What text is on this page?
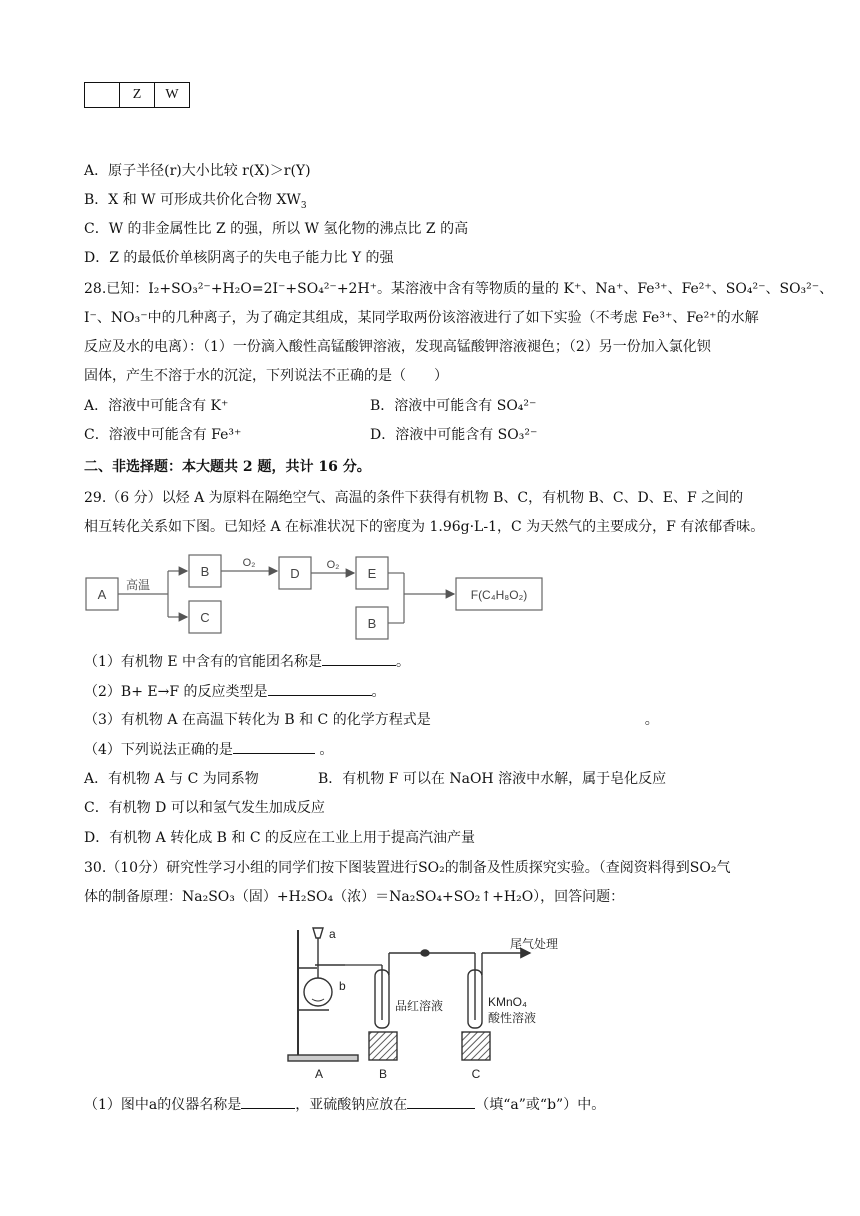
	Z	W
A．原子半径(r)大小比较 r(X)＞r(Y)
B．X 和 W 可形成共价化合物 $XW_3$
C．W 的非金属性比 Z 的强，所以 W 氢化物的沸点比 Z 的高
D．Z 的最低价单核阴离子的失电子能力比 Y 的强
28.已知：I₂+SO₃²⁻+H₂O=2I⁻+SO₄²⁻+2H⁺。某溶液中含有等物质的量的 K⁺、Na⁺、Fe³⁺、Fe²⁺、SO₄²⁻、SO₃²⁻、
I⁻、NO₃⁻中的几种离子，为了确定其组成，某同学取两份该溶液进行了如下实验（不考虑 Fe³⁺、Fe²⁺的水解
反应及水的电离）：（1）一份滴入酸性高锰酸钾溶液，发现高锰酸钾溶液褪色；（2）另一份加入氯化钡
固体，产生不溶于水的沉淀，下列说法不正确的是（　　）
A．溶液中可能含有 K⁺	B．溶液中可能含有 SO₄²⁻
C．溶液中可能含有 Fe³⁺	D．溶液中可能含有 SO₃²⁻
二、非选择题：本大题共 2 题，共计 16 分。
29.（6 分）以烃 A 为原料在隔绝空气、高温的条件下获得有机物 B、C，有机物 B、C、D、E、F 之间的
相互转化关系如下图。已知烃 A 在标准状况下的密度为 1.96g·L-1，C 为天然气的主要成分，F 有浓郁香味。
A
B
C
D	E
B
F(C₄H₈O₂)
高温
O₂	O₂
（1）有机物 E 中含有的官能团名称是	。
（2）B+ E→F 的反应类型是	。
（3）有机物 A 在高温下转化为 B 和 C 的化学方程式是	。
（4）下列说法正确的是	。
A．有机物 A 与 C 为同系物	B．有机物 F 可以在 NaOH 溶液中水解，属于皂化反应
C．有机物 D 可以和氢气发生加成反应
D．有机物 A 转化成 B 和 C 的反应在工业上用于提高汽油产量
30.（10分）研究性学习小组的同学们按下图装置进行SO₂的制备及性质探究实验。（查阅资料得到SO₂气
体的制备原理：Na₂SO₃（固）+H₂SO₄（浓）＝Na₂SO₄+SO₂↑+H₂O），回答问题：
a
b
A	B	C
尾气处理
品红溶液	KMnO₄
酸性溶液
（1）图中a的仪器名称是	，亚硫酸钠应放在	（填“a”或“b”）中。
